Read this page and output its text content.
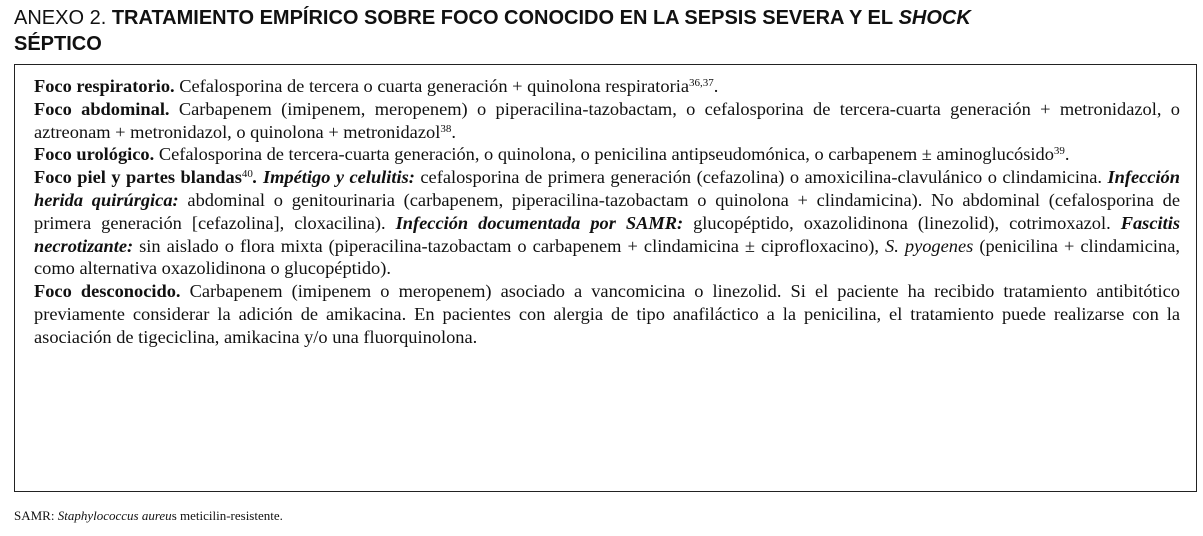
ANEXO 2. TRATAMIENTO EMPÍRICO SOBRE FOCO CONOCIDO EN LA SEPSIS SEVERA Y EL SHOCK
SÉPTICO

Foco respiratorio. Cefalosporina de tercera o cuarta generación + quinolona respiratoria$^{36,37}$.

Foco abdominal. Carbapenem (imipenem, meropenem) o piperacilina-tazobactam, o cefalosporina de tercera-cuarta generación + metronidazol, o aztreonam + metronidazol, o quinolona + metronidazol$^{38}$.

Foco urológico. Cefalosporina de tercera-cuarta generación, o quinolona, o penicilina antipseudomónica, o carbapenem ± aminoglucósido$^{39}$.

Foco piel y partes blandas$^{40}$. Impétigo y celulitis: cefalosporina de primera generación (cefazolina) o amoxicilina-clavulánico o clindamicina. Infección herida quirúrgica: abdominal o genitourinaria (carbapenem, piperacilina-tazobactam o quinolona + clindamicina). No abdominal (cefalosporina de primera generación [cefazolina], cloxacilina). Infección documentada por SAMR: glucopéptido, oxazolidinona (linezolid), cotrimoxazol. Fascitis necrotizante: sin aislado o flora mixta (piperacilina-tazobactam o carbapenem + clindamicina ± ciprofloxacino), S. pyogenes (penicilina + clindamicina, como alternativa oxazolidinona o glucopéptido).

Foco desconocido. Carbapenem (imipenem o meropenem) asociado a vancomicina o linezolid. Si el paciente ha recibido tratamiento antibitótico previamente considerar la adición de amikacina. En pacientes con alergia de tipo anafiláctico a la penicilina, el tratamiento puede realizarse con la asociación de tigeciclina, amikacina y/o una fluorquinolona.

SAMR: Staphylococcus aureus meticilin-resistente.
